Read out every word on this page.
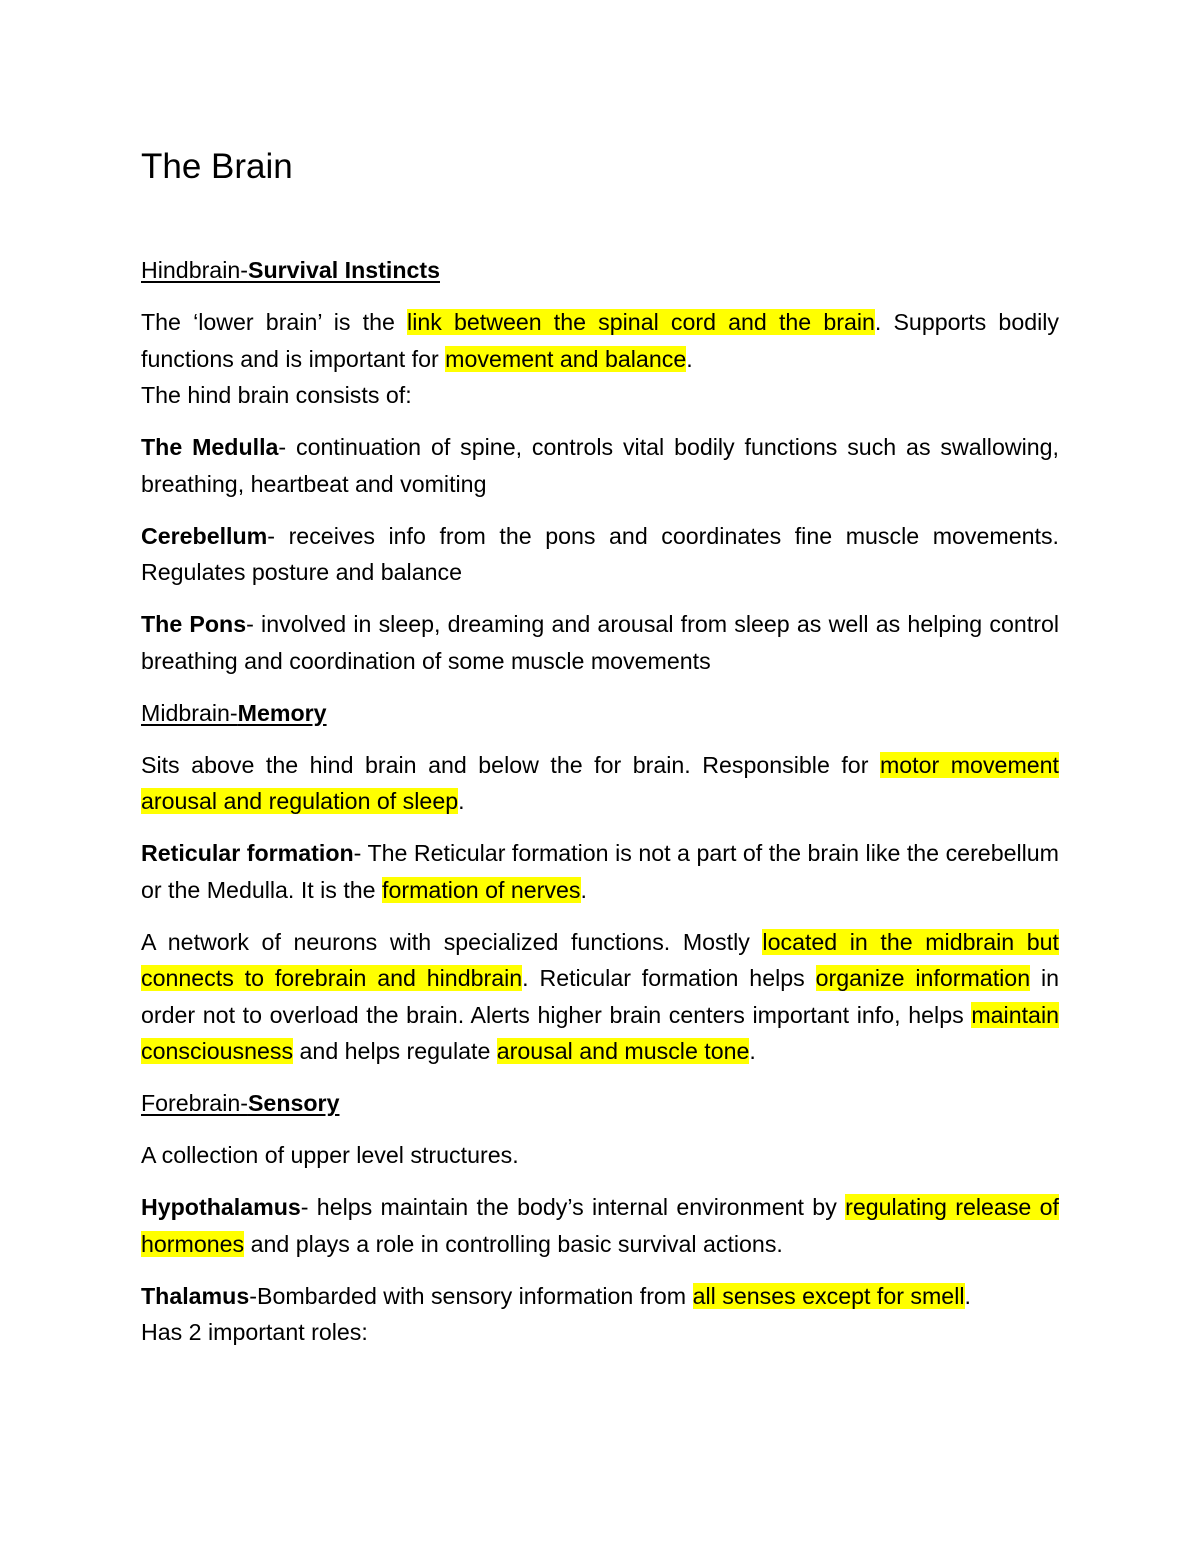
The Brain

Hindbrain-Survival Instincts

The ‘lower brain’ is the link between the spinal cord and the brain. Supports bodily functions and is important for movement and balance.

The hind brain consists of:

The Medulla- continuation of spine, controls vital bodily functions such as swallowing, breathing, heartbeat and vomiting

Cerebellum- receives info from the pons and coordinates fine muscle movements. Regulates posture and balance

The Pons- involved in sleep, dreaming and arousal from sleep as well as helping control breathing and coordination of some muscle movements

Midbrain-Memory

Sits above the hind brain and below the for brain. Responsible for motor movement arousal and regulation of sleep.

Reticular formation- The Reticular formation is not a part of the brain like the cerebellum or the Medulla. It is the formation of nerves.

A network of neurons with specialized functions. Mostly located in the midbrain but connects to forebrain and hindbrain. Reticular formation helps organize information in order not to overload the brain. Alerts higher brain centers important info, helps maintain consciousness and helps regulate arousal and muscle tone.

Forebrain-Sensory

A collection of upper level structures.

Hypothalamus- helps maintain the body’s internal environment by regulating release of hormones and plays a role in controlling basic survival actions.

Thalamus-Bombarded with sensory information from all senses except for smell.

Has 2 important roles:
